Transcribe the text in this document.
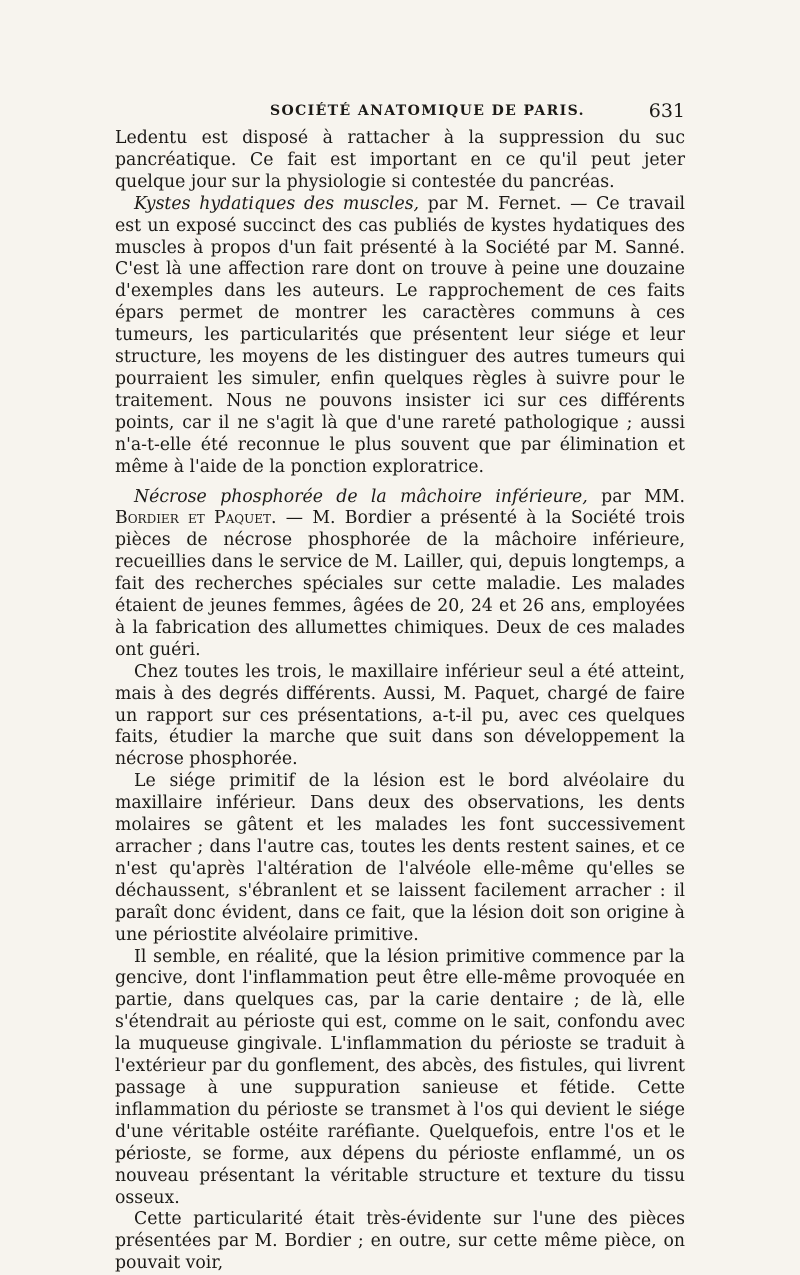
SOCIÉTÉ ANATOMIQUE DE PARIS.	631

Ledentu est disposé à rattacher à la suppression du suc pancréatique. Ce fait est important en ce qu'il peut jeter quelque jour sur la physiologie si contestée du pancréas.

Kystes hydatiques des muscles, par M. Fernet. — Ce travail est un exposé succinct des cas publiés de kystes hydatiques des muscles à propos d'un fait présenté à la Société par M. Sanné. C'est là une affection rare dont on trouve à peine une douzaine d'exemples dans les auteurs. Le rapprochement de ces faits épars permet de montrer les caractères communs à ces tumeurs, les particularités que présentent leur siége et leur structure, les moyens de les distinguer des autres tumeurs qui pourraient les simuler, enfin quelques règles à suivre pour le traitement. Nous ne pouvons insister ici sur ces différents points, car il ne s'agit là que d'une rareté pathologique ; aussi n'a-t-elle été reconnue le plus souvent que par élimination et même à l'aide de la ponction exploratrice.

Nécrose phosphorée de la mâchoire inférieure, par MM. Bordier et Paquet. — M. Bordier a présenté à la Société trois pièces de nécrose phosphorée de la mâchoire inférieure, recueillies dans le service de M. Lailler, qui, depuis longtemps, a fait des recherches spéciales sur cette maladie. Les malades étaient de jeunes femmes, âgées de 20, 24 et 26 ans, employées à la fabrication des allumettes chimiques. Deux de ces malades ont guéri.

Chez toutes les trois, le maxillaire inférieur seul a été atteint, mais à des degrés différents. Aussi, M. Paquet, chargé de faire un rapport sur ces présentations, a-t-il pu, avec ces quelques faits, étudier la marche que suit dans son développement la nécrose phosphorée.

Le siége primitif de la lésion est le bord alvéolaire du maxillaire inférieur. Dans deux des observations, les dents molaires se gâtent et les malades les font successivement arracher ; dans l'autre cas, toutes les dents restent saines, et ce n'est qu'après l'altération de l'alvéole elle-même qu'elles se déchaussent, s'ébranlent et se laissent facilement arracher : il paraît donc évident, dans ce fait, que la lésion doit son origine à une périostite alvéolaire primitive.

Il semble, en réalité, que la lésion primitive commence par la gencive, dont l'inflammation peut être elle-même provoquée en partie, dans quelques cas, par la carie dentaire ; de là, elle s'étendrait au périoste qui est, comme on le sait, confondu avec la muqueuse gingivale. L'inflammation du périoste se traduit à l'extérieur par du gonflement, des abcès, des fistules, qui livrent passage à une suppuration sanieuse et fétide. Cette inflammation du périoste se transmet à l'os qui devient le siége d'une véritable ostéite raréfiante. Quelquefois, entre l'os et le périoste, se forme, aux dépens du périoste enflammé, un os nouveau présentant la véritable structure et texture du tissu osseux.

Cette particularité était très-évidente sur l'une des pièces présentées par M. Bordier ; en outre, sur cette même pièce, on pouvait voir,
